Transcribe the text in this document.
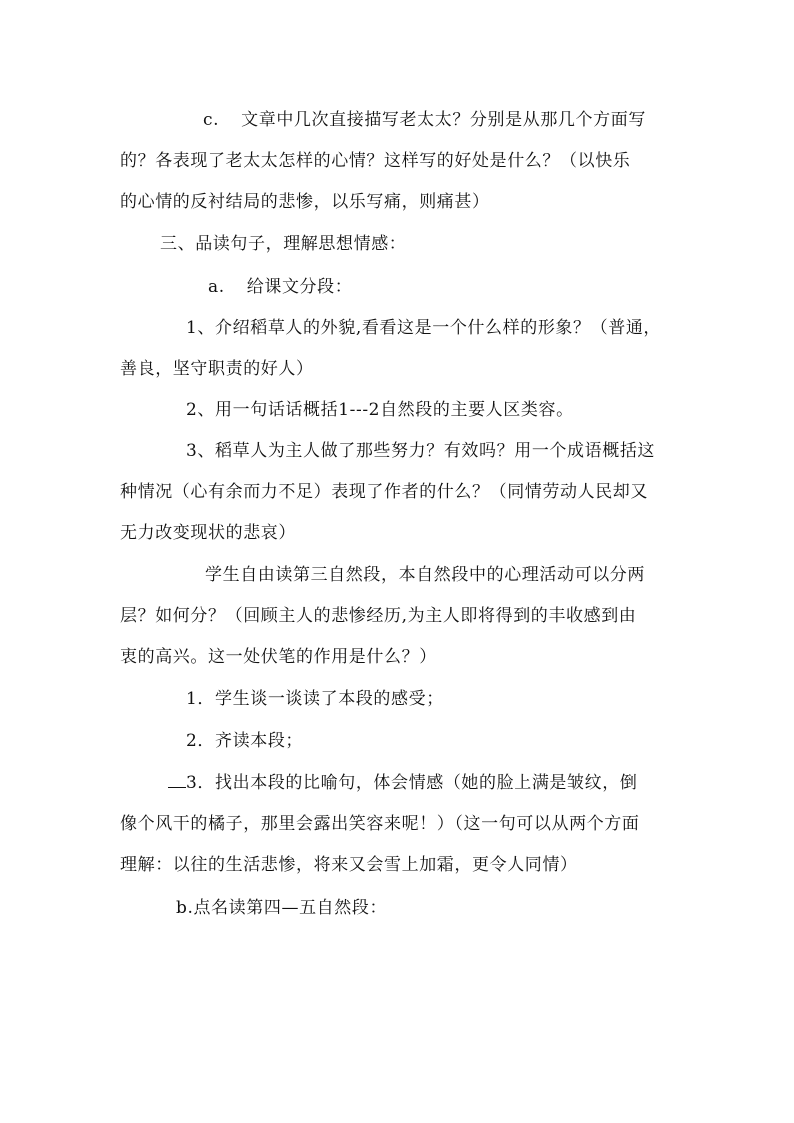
c. 文章中几次直接描写老太太？分别是从那几个方面写
的？各表现了老太太怎样的心情？这样写的好处是什么？（以快乐
的心情的反衬结局的悲惨，以乐写痛，则痛甚）
三、品读句子，理解思想情感：
a. 给课文分段：
1、介绍稻草人的外貌,看看这是一个什么样的形象？（普通，
善良，坚守职责的好人）
2、用一句话话概括1---2自然段的主要人区类容。
3、稻草人为主人做了那些努力？有效吗？用一个成语概括这
种情况（心有余而力不足）表现了作者的什么？（同情劳动人民却又
无力改变现状的悲哀）
学生自由读第三自然段，本自然段中的心理活动可以分两
层？如何分？（回顾主人的悲惨经历,为主人即将得到的丰收感到由
衷的高兴。这一处伏笔的作用是什么？）
1．学生谈一谈读了本段的感受；
2．齐读本段；
3．找出本段的比喻句，体会情感（她的脸上满是皱纹，倒
像个风干的橘子，那里会露出笑容来呢！）（这一句可以从两个方面
理解：以往的生活悲惨，将来又会雪上加霜，更令人同情）
b.点名读第四—五自然段：
